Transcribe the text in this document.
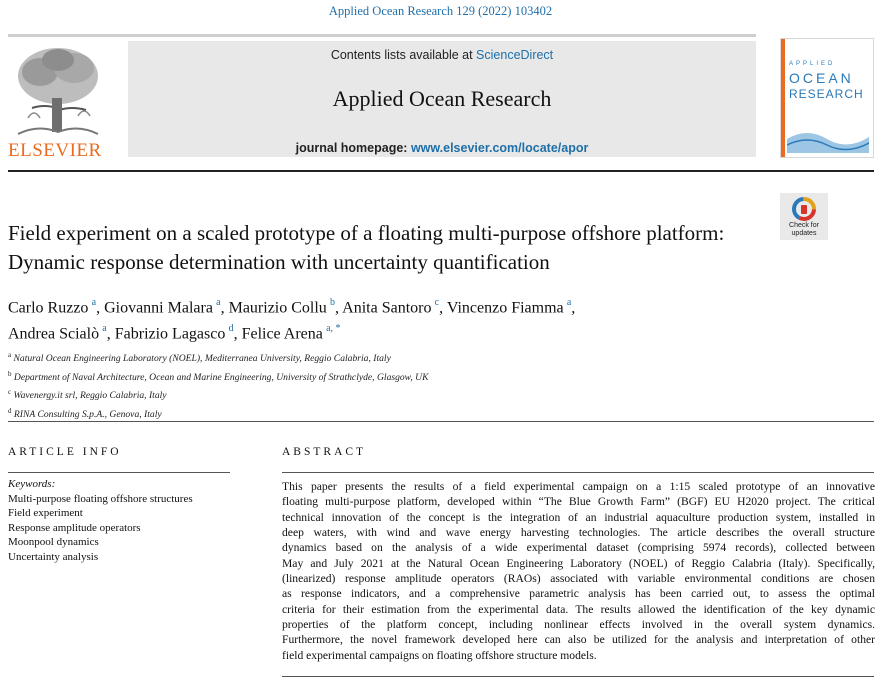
Applied Ocean Research 129 (2022) 103402
ELSEVIER
Contents lists available at ScienceDirect
Applied Ocean Research
journal homepage: www.elsevier.com/locate/apor
APPLIED
OCEAN
RESEARCH
Check for updates
Field experiment on a scaled prototype of a floating multi-purpose offshore platform: Dynamic response determination with uncertainty quantification
Carlo Ruzzo  $^a$, Giovanni Malara  $^a$, Maurizio Collu  $^b$, Anita Santoro  $^c$, Vincenzo Fiamma  $^a$,
Andrea Scialò  $^a$, Fabrizio Lagasco  $^d$, Felice Arena  $^{a, *}$
$^a$ Natural Ocean Engineering Laboratory (NOEL), Mediterranea University, Reggio Calabria, Italy
$^b$ Department of Naval Architecture, Ocean and Marine Engineering, University of Strathclyde, Glasgow, UK
$^c$ Wavenergy.it srl, Reggio Calabria, Italy
$^d$ RINA Consulting S.p.A., Genova, Italy
ARTICLE INFO
Keywords:
Multi-purpose floating offshore structures
Field experiment
Response amplitude operators
Moonpool dynamics
Uncertainty analysis
ABSTRACT
This paper presents the results of a field experimental campaign on a 1:15 scaled prototype of an innovative
floating multi-purpose platform, developed within “The Blue Growth Farm” (BGF) EU H2020 project. The critical
technical innovation of the concept is the integration of an industrial aquaculture production system, installed in
deep waters, with wind and wave energy harvesting technologies. The article describes the overall structure
dynamics based on the analysis of a wide experimental dataset (comprising 5974 records), collected between
May and July 2021 at the Natural Ocean Engineering Laboratory (NOEL) of Reggio Calabria (Italy). Specifically,
(linearized) response amplitude operators (RAOs) associated with variable environmental conditions are chosen
as response indicators, and a comprehensive parametric analysis has been carried out, to assess the optimal
criteria for their estimation from the experimental data. The results allowed the identification of the key dynamic
properties of the platform concept, including nonlinear effects involved in the overall system dynamics.
Furthermore, the novel framework developed here can also be utilized for the analysis and interpretation of other
field experimental campaigns on floating offshore structure models.
